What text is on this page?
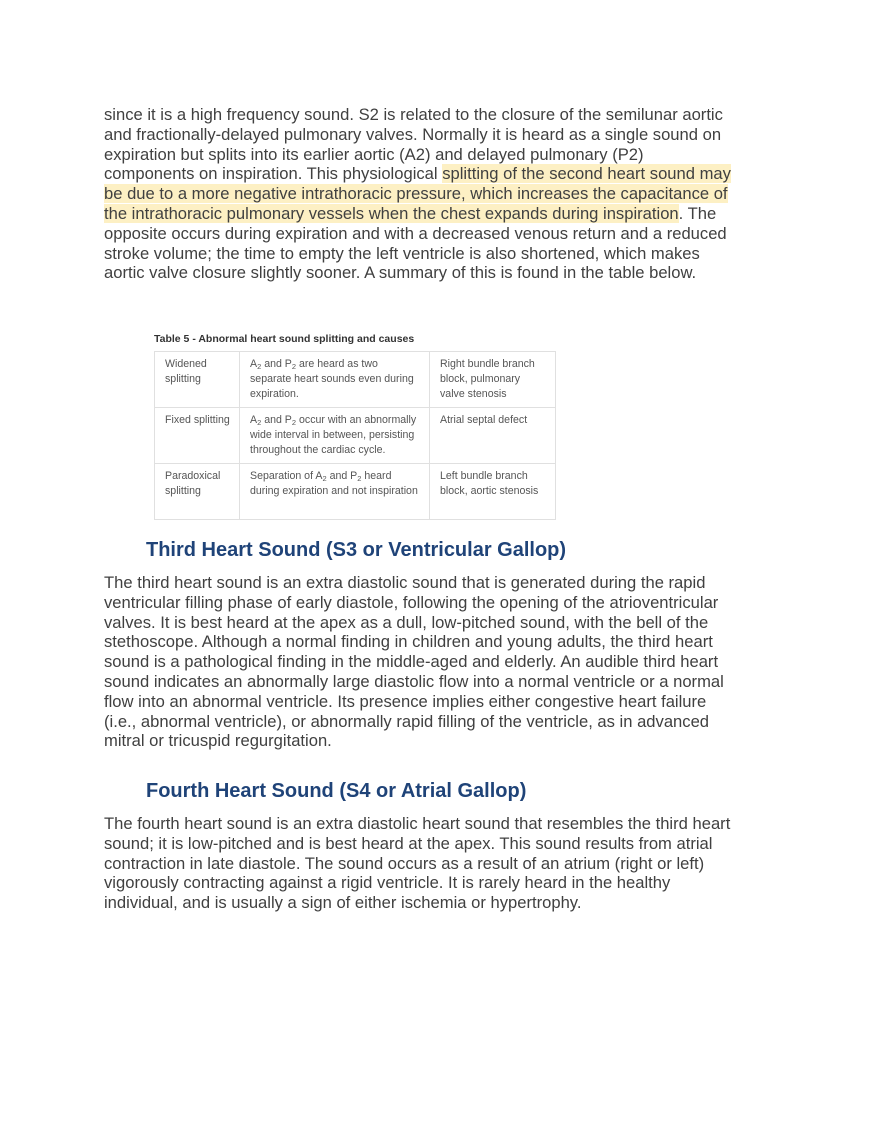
since it is a high frequency sound. S2 is related to the closure of the semilunar aortic and fractionally-delayed pulmonary valves. Normally it is heard as a single sound on expiration but splits into its earlier aortic (A2) and delayed pulmonary (P2) components on inspiration. This physiological splitting of the second heart sound may be due to a more negative intrathoracic pressure, which increases the capacitance of the intrathoracic pulmonary vessels when the chest expands during inspiration. The opposite occurs during expiration and with a decreased venous return and a reduced stroke volume; the time to empty the left ventricle is also shortened, which makes aortic valve closure slightly sooner. A summary of this is found in the table below.

Table 5 - Abnormal heart sound splitting and causes

Widened splitting	$A_2$ and $P_2$ are heard as two separate heart sounds even during expiration.	Right bundle branch block, pulmonary valve stenosis
Fixed splitting	$A_2$ and $P_2$ occur with an abnormally wide interval in between, persisting throughout the cardiac cycle.	Atrial septal defect
Paradoxical splitting	Separation of $A_2$ and $P_2$ heard during expiration and not inspiration	Left bundle branch block, aortic stenosis
Third Heart Sound (S3 or Ventricular Gallop)

The third heart sound is an extra diastolic sound that is generated during the rapid ventricular filling phase of early diastole, following the opening of the atrioventricular valves. It is best heard at the apex as a dull, low-pitched sound, with the bell of the stethoscope. Although a normal finding in children and young adults, the third heart sound is a pathological finding in the middle-aged and elderly. An audible third heart sound indicates an abnormally large diastolic flow into a normal ventricle or a normal flow into an abnormal ventricle. Its presence implies either congestive heart failure (i.e., abnormal ventricle), or abnormally rapid filling of the ventricle, as in advanced mitral or tricuspid regurgitation.

Fourth Heart Sound (S4 or Atrial Gallop)

The fourth heart sound is an extra diastolic heart sound that resembles the third heart sound; it is low-pitched and is best heard at the apex. This sound results from atrial contraction in late diastole. The sound occurs as a result of an atrium (right or left) vigorously contracting against a rigid ventricle. It is rarely heard in the healthy individual, and is usually a sign of either ischemia or hypertrophy.
